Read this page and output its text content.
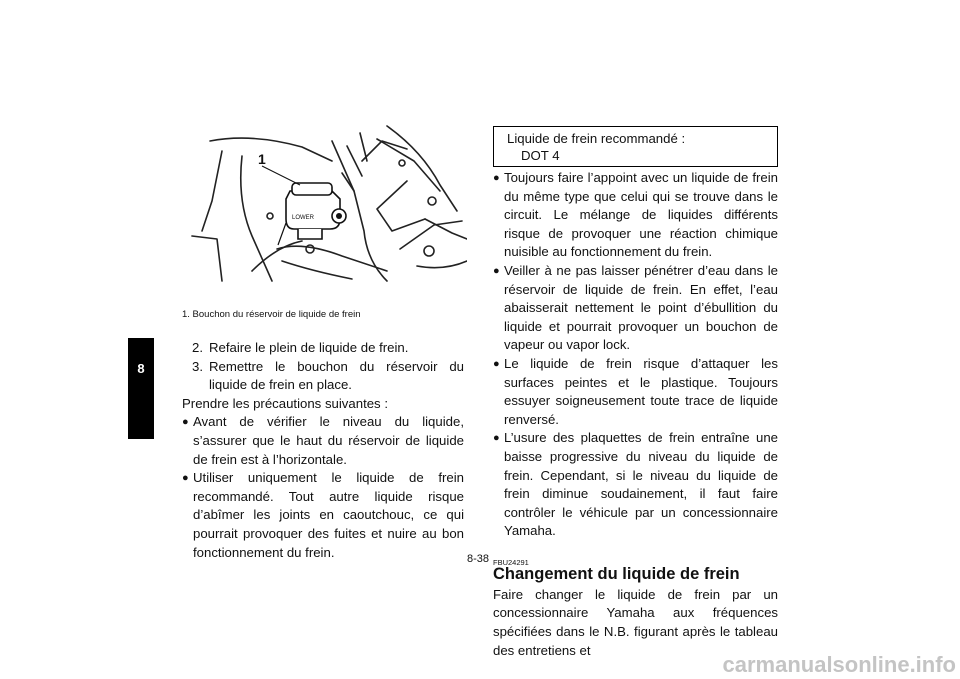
8
LOWER
1
1. Bouchon du réservoir de liquide de frein
2. Refaire le plein de liquide de frein.
3. Remettre le bouchon du réservoir du liquide de frein en place.

Prendre les précautions suivantes :

● Avant de vérifier le niveau du liquide, s’assurer que le haut du réservoir de liquide de frein est à l’horizontale.
● Utiliser uniquement le liquide de frein recommandé. Tout autre liquide risque d’abîmer les joints en caoutchouc, ce qui pourrait provoquer des fuites et nuire au bon fonctionnement du frein.
Liquide de frein recommandé :
DOT 4
● Toujours faire l’appoint avec un liquide de frein du même type que celui qui se trouve dans le circuit. Le mélange de liquides différents risque de provoquer une réaction chimique nuisible au fonctionnement du frein.
● Veiller à ne pas laisser pénétrer d’eau dans le réservoir de liquide de frein. En effet, l’eau abaisserait nettement le point d’ébullition du liquide et pourrait provoquer un bouchon de vapeur ou vapor lock.
● Le liquide de frein risque d’attaquer les surfaces peintes et le plastique. Toujours essuyer soigneusement toute trace de liquide renversé.
● L’usure des plaquettes de frein entraîne une baisse progressive du niveau du liquide de frein. Cependant, si le niveau du liquide de frein diminue soudainement, il faut faire contrôler le véhicule par un concessionnaire Yamaha.
FBU24291
Changement du liquide de frein

Faire changer le liquide de frein par un concessionnaire Yamaha aux fréquences spécifiées dans le N.B. figurant après le tableau des entretiens et

8-38
carmanualsonline.info
